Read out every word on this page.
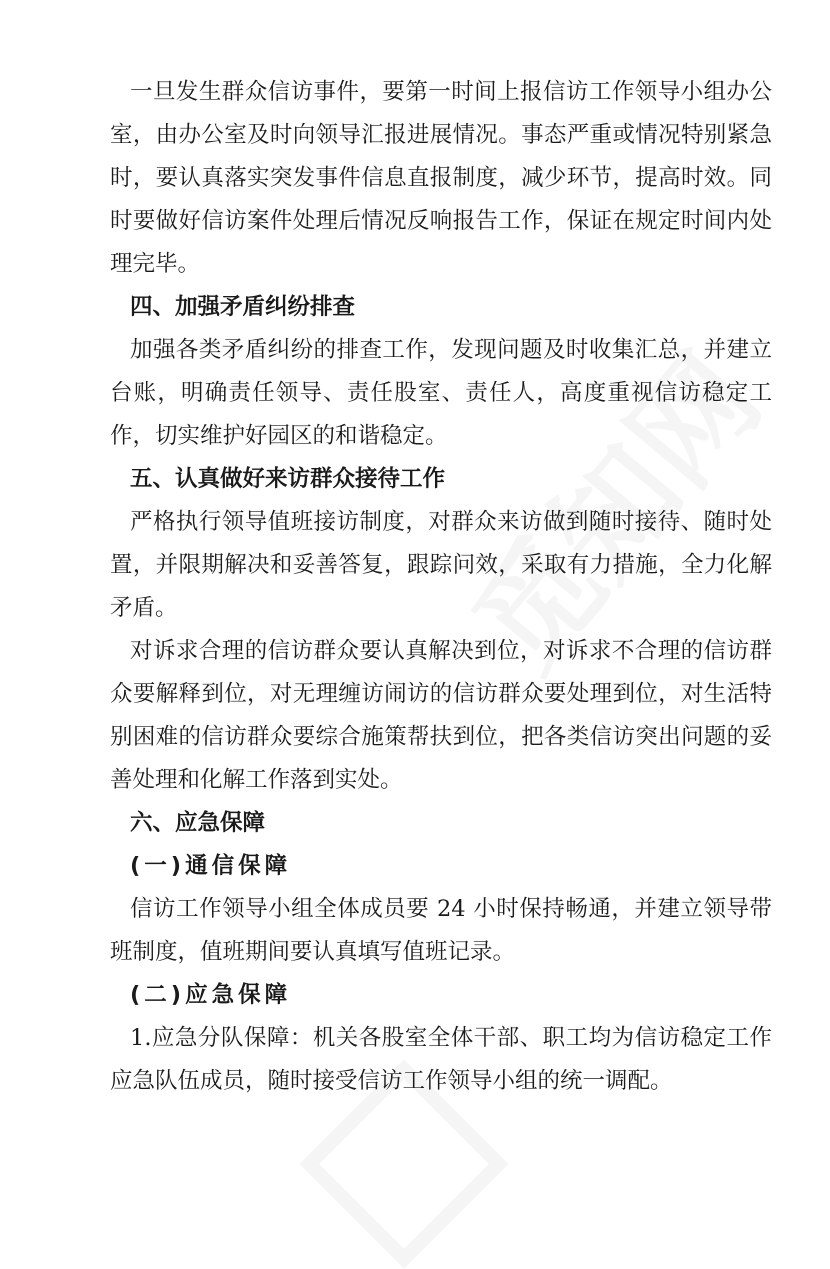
一旦发生群众信访事件，要第一时间上报信访工作领导小组办公室，由办公室及时向领导汇报进展情况。事态严重或情况特别紧急时，要认真落实突发事件信息直报制度，减少环节，提高时效。同时要做好信访案件处理后情况反响报告工作，保证在规定时间内处理完毕。

四、加强矛盾纠纷排查

加强各类矛盾纠纷的排查工作，发现问题及时收集汇总，并建立台账，明确责任领导、责任股室、责任人，高度重视信访稳定工作，切实维护好园区的和谐稳定。

五、认真做好来访群众接待工作

严格执行领导值班接访制度，对群众来访做到随时接待、随时处置，并限期解决和妥善答复，跟踪问效，采取有力措施，全力化解矛盾。

对诉求合理的信访群众要认真解决到位，对诉求不合理的信访群众要解释到位，对无理缠访闹访的信访群众要处理到位，对生活特别困难的信访群众要综合施策帮扶到位，把各类信访突出问题的妥善处理和化解工作落到实处。

六、应急保障

(一)通信保障

信访工作领导小组全体成员要 24 小时保持畅通，并建立领导带班制度，值班期间要认真填写值班记录。

(二)应急保障

1.应急分队保障：机关各股室全体干部、职工均为信访稳定工作应急队伍成员，随时接受信访工作领导小组的统一调配。
